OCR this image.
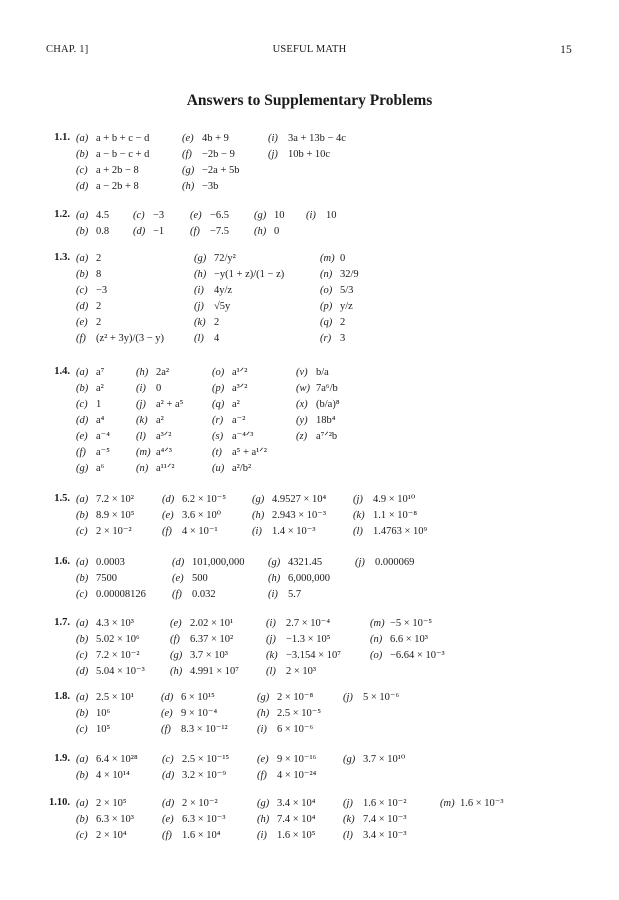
CHAP. 1]	USEFUL MATH	15
Answers to Supplementary Problems
1.1. (a) a + b + c − d	(e) 4b + 9	(i) 3a + 13b − 4c
(b) a − b − c + d	(f) −2b − 9	(j) 10b + 10c
(c) a + 2b − 8	(g) −2a + 5b
(d) a − 2b + 8	(h) −3b
1.2. (a) 4.5 (c) −3 (e) −6.5 (g) 10 (i) 10
(b) 0.8 (d) −1 (f) −7.5 (h) 0
1.3. (a) 2	(g) 72/y²	(m) 0
(b) 8	(h) −y(1 + z)/(1 − z)	(n) 32/9
(c) −3	(i) 4y/z	(o) 5/3
(d) 2	(j) √5y	(p) y/z
(e) 2	(k) 2	(q) 2
(f) (z² + 3y)/(3 − y)	(l) 4	(r) 3
1.4. (a) a⁷	(h) 2a²	(o) a¹ᐟ²	(v) b/a
(b) a²	(i) 0	(p) a³ᐟ²	(w) 7a⁶/b
(c) 1	(j) a² + a⁵	(q) a²	(x) (b/a)⁸
(d) a⁴	(k) a²	(r) a⁻²	(y) 18b⁴
(e) a⁻⁴ (l) a³ᐟ²	(s) a⁻⁴ᐟ³	(z) a⁷ᐟ²b
(f) a⁻⁵ (m) a⁴ᐟ³	(t) a⁵ + a¹ᐟ²
(g) a⁶	(n) a¹¹ᐟ²	(u) a²/b²
1.5. (a) 7.2 × 10²	(d) 6.2 × 10⁻⁵ (g) 4.9527 × 10⁴	(j) 4.9 × 10¹⁰
(b) 8.9 × 10⁵	(e) 3.6 × 10⁰	(h) 2.943 × 10⁻³	(k) 1.1 × 10⁻⁸
(c) 2 × 10⁻²	(f) 4 × 10⁻¹	(i) 1.4 × 10⁻³	(l) 1.4763 × 10⁹
1.6. (a) 0.0003	(d) 101,000,000 (g) 4321.45	(j) 0.000069
(b) 7500	(e) 500	(h) 6,000,000
(c) 0.00008126 (f) 0.032	(i) 5.7
1.7. (a) 4.3 × 10³	(e) 2.02 × 10¹	(i) 2.7 × 10⁻⁴	(m) −5 × 10⁻⁵
(b) 5.02 × 10⁶	(f) 6.37 × 10²	(j) −1.3 × 10⁵	(n) 6.6 × 10³
(c) 7.2 × 10⁻²	(g) 3.7 × 10³	(k) −3.154 × 10⁷	(o) −6.64 × 10⁻³
(d) 5.04 × 10⁻³ (h) 4.991 × 10⁷	(l) 2 × 10³
1.8. (a) 2.5 × 10¹	(d) 6 × 10¹⁵	(g) 2 × 10⁻⁸	(j) 5 × 10⁻⁶
(b) 10⁶	(e) 9 × 10⁻⁴	(h) 2.5 × 10⁻⁵
(c) 10⁵	(f) 8.3 × 10⁻¹²	(i) 6 × 10⁻⁶
1.9. (a) 6.4 × 10²⁸ (c) 2.5 × 10⁻¹⁵	(e) 9 × 10⁻¹⁶	(g) 3.7 × 10¹⁰
(b) 4 × 10¹⁴	(d) 3.2 × 10⁻⁹	(f) 4 × 10⁻²⁴
1.10. (a) 2 × 10⁵	(d) 2 × 10⁻²	(g) 3.4 × 10⁴	(j) 1.6 × 10⁻²	(m) 1.6 × 10⁻³
(b) 6.3 × 10³	(e) 6.3 × 10⁻³	(h) 7.4 × 10⁴	(k) 7.4 × 10⁻³
(c) 2 × 10⁴	(f) 1.6 × 10⁴	(i) 1.6 × 10⁵	(l) 3.4 × 10⁻³
